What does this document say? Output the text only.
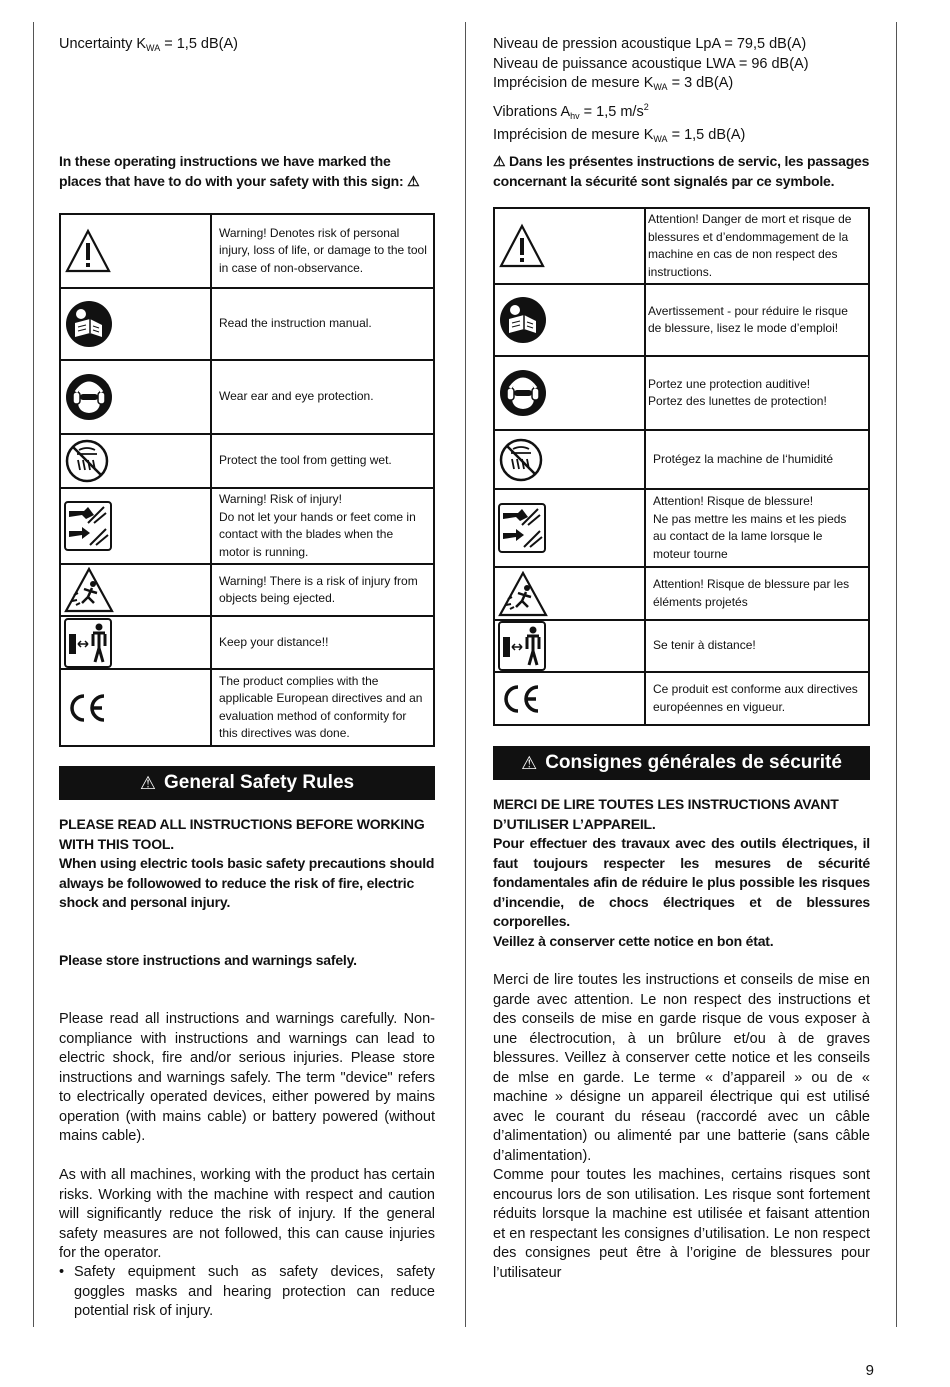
Uncertainty $K_{WA} = 1,5$ dB(A)

In these operating instructions we have marked the places that have to do with your safety with this sign: ⚠
	Warning! Denotes risk of personal injury, loss of life, or damage to the tool in case of non-observance.

	Read the instruction manual.

	Wear ear and eye protection.

	Protect the tool from getting wet.

	Warning! Risk of injury!
Do not let your hands or feet come in contact with the blades when the motor is running.

	Warning! There is a risk of injury from objects being ejected.

	Keep your distance!!

	The product complies with the applicable European directives and an evaluation method of conformity for this directives was done.
⚠ General Safety Rules
PLEASE READ ALL INSTRUCTIONS BEFORE WORKING WITH THIS TOOL.
When using electric tools basic safety precautions should always be followowed to reduce the risk of fire, electric shock and personal injury.
Please store instructions and warnings safely.

Please read all instructions and warnings carefully. Non-compliance with instructions and warnings can lead to electric shock, fire and/or serious injuries. Please store instructions and warnings safely. The term "device" refers to electrically operated devices, either powered by mains operation (with mains cable) or battery powered (without mains cable).

As with all machines, working with the product has certain risks. Working with the machine with respect and caution will significantly reduce the risk of injury. If the general safety measures are not followed, this can cause injuries for the operator.

• Safety equipment such as safety devices, safety goggles masks and hearing protection can reduce potential risk of injury.

Niveau de pression acoustique LpA = 79,5 dB(A)

Niveau de puissance acoustique LWA = 96 dB(A)

Imprécision de mesure $K_{WA} = 3$ dB(A)

Vibrations $A_{hv} = 1,5$ $m/s^2$

Imprécision de mesure $K_{WA} = 1,5$ dB(A)

⚠ Dans les présentes instructions de servic, les passages concernant la sécurité sont signalés par ce symbole.
	Attention! Danger de mort et risque de blessures et d’endommagement de la machine en cas de non respect des instructions.

	Avertissement - pour réduire le risque de blessure, lisez le mode d’emploi!

	Portez une protection auditive!
Portez des lunettes de protection!

	Protégez la machine de l‘humidité

	Attention! Risque de blessure!
Ne pas mettre les mains et les pieds au contact de la lame lorsque le moteur tourne

	Attention! Risque de blessure par les éléments projetés

	Se tenir à distance!

	Ce produit est conforme aux directives européennes en vigueur.
⚠ Consignes générales de sécurité
MERCI DE LIRE TOUTES LES INSTRUCTIONS AVANT D’UTILISER L’APPAREIL.
Pour effectuer des travaux avec des outils électriques, il faut toujours respecter les mesures de sécurité fondamentales afin de réduire le plus possible les risques d’incendie, de chocs électriques et de blessures corporelles.
Veillez à conserver cette notice en bon état.

Merci de lire toutes les instructions et conseils de mise en garde avec attention. Le non respect des instructions et des conseils de mise en garde risque de vous exposer à une électrocution, à un brûlure et/ou à de graves blessures. Veillez à conserver cette notice et les conseils de mlse en garde. Le terme « d’appareil » ou de « machine » désigne un appareil électrique qui est utilisé avec le courant du réseau (raccordé avec un câble d’alimentation) ou alimenté par une batterie (sans câble d’alimentation).

Comme pour toutes les machines, certains risques sont encourus lors de son utilisation. Les risque sont fortement réduits lorsque la machine est utilisée et faisant attention et en respectant les consignes d’utilisation. Le non respect des consignes peut être à l’origine de blessures pour l’utilisateur

9
